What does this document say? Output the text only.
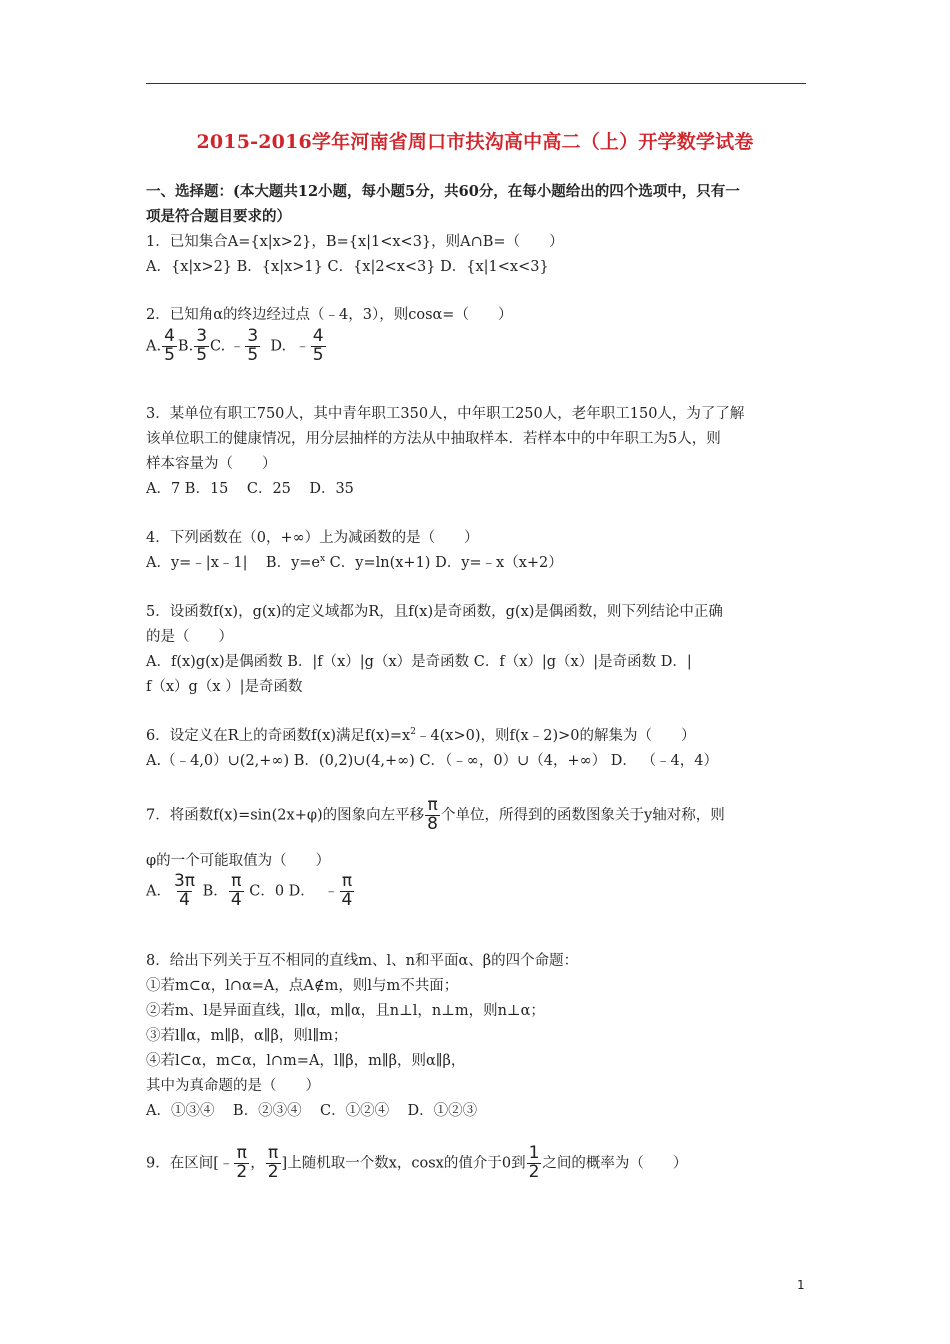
2015-2016学年河南省周口市扶沟高中高二（上）开学数学试卷
一、选择题：(本大题共12小题，每小题5分，共60分，在每小题给出的四个选项中，只有一
项是符合题目要求的）
1．已知集合A={x|x>2}，B={x|1<x<3}，则A∩B=（　　）
A．{x|x>2} B．{x|x>1} C．{x|2<x<3} D．{x|1<x<3}
2．已知角α的终边经过点（﹣4，3），则cosα=（　　）
A. $\frac{4}{5} B$. $\frac{3}{5} C$. ﹣ $\frac{3}{5} D$.  ﹣ $\frac{4}{5}$
3．某单位有职工750人，其中青年职工350人，中年职工250人，老年职工150人，为了了解
该单位职工的健康情况，用分层抽样的方法从中抽取样本．若样本中的中年职工为5人，则
样本容量为（　　）
A．7 B．15    C．25    D．35
4．下列函数在（0，+∞）上为减函数的是（　　）
A．y=﹣|x﹣1|    B．$y=e^x$ C．y=ln(x+1) D．y=﹣x（x+2）
5．设函数f(x)，g(x)的定义域都为R，且f(x)是奇函数，g(x)是偶函数，则下列结论中正确
的是（　　）
A．f(x)g(x)是偶函数 B．|f（x）|g（x）是奇函数 C．f（x）|g（x）|是奇函数 D．|
f（x）g（x ）|是奇函数
6．设定义在R上的奇函数f(x)满足$f(x)=x^2﹣4(x>0)$，则f(x﹣2)>0的解集为（　　）
A.（﹣4,0）∪(2,+∞) B．(0,2)∪(4,+∞) C．（﹣∞，0）∪（4，+∞） D． （﹣4，4）
7．将函数f(x)=sin(2x+φ)的图象向左平移 $\frac{\pi}{8}$ 个单位，所得到的函数图象关于y轴对称，则
φ的一个可能取值为（　　）
A． $\frac{3\pi}{4}$ B． $\frac{\pi}{4}$ C．0 D．  ﹣ $\frac{\pi}{4}$
8．给出下列关于互不相同的直线m、l、n和平面α、β的四个命题：
①若m⊂α，l∩α=A，点A∉m，则l与m不共面；
②若m、l是异面直线，l∥α，m∥α，且n⊥l，n⊥m，则n⊥α；
③若l∥α，m∥β，α∥β，则l∥m；
④若l⊂α，m⊂α，l∩m=A，l∥β，m∥β，则α∥β，
其中为真命题的是（　　）
A．①③④    B．②③④    C．①②④    D．①②③
9．在区间[﹣ $\frac{\pi}{2}$ ， $\frac{\pi}{2}$ ]上随机取一个数x，cosx的值介于0到 $\frac{1}{2}$ 之间的概率为（　　）
1
